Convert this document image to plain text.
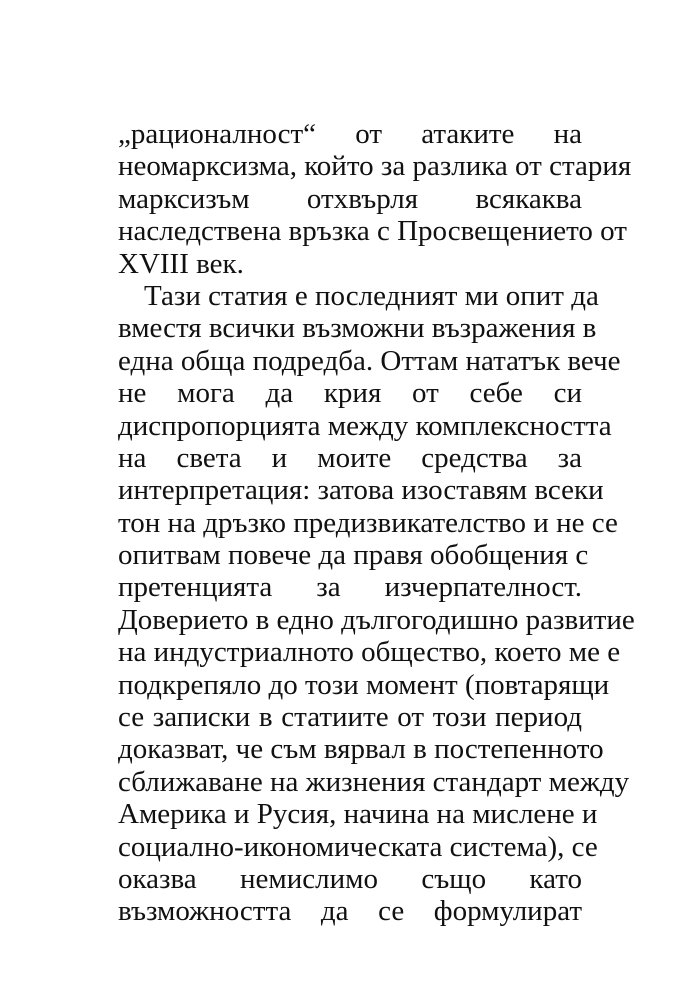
„рационалност“ от атаките на
неомарксизма, който за разлика от стария
марксизъм отхвърля всякаква
наследствена връзка с Просвещението от
XVIII век.
Тази статия е последният ми опит да
вместя всички възможни възражения в
една обща подредба. Оттам нататък вече
не мога да крия от себе си
диспропорцията между комплексността
на света и моите средства за
интерпретация: затова изоставям всеки
тон на дръзко предизвикателство и не се
опитвам повече да правя обобщения с
претенцията за изчерпателност.
Доверието в едно дългогодишно развитие
на индустриалното общество, което ме е
подкрепяло до този момент (повтарящи
се записки в статиите от този период
доказват, че съм вярвал в постепенното
сближаване на жизнения стандарт между
Америка и Русия, начина на мислене и
социално-икономическата система), се
оказва немислимо също като
възможността да се формулират
